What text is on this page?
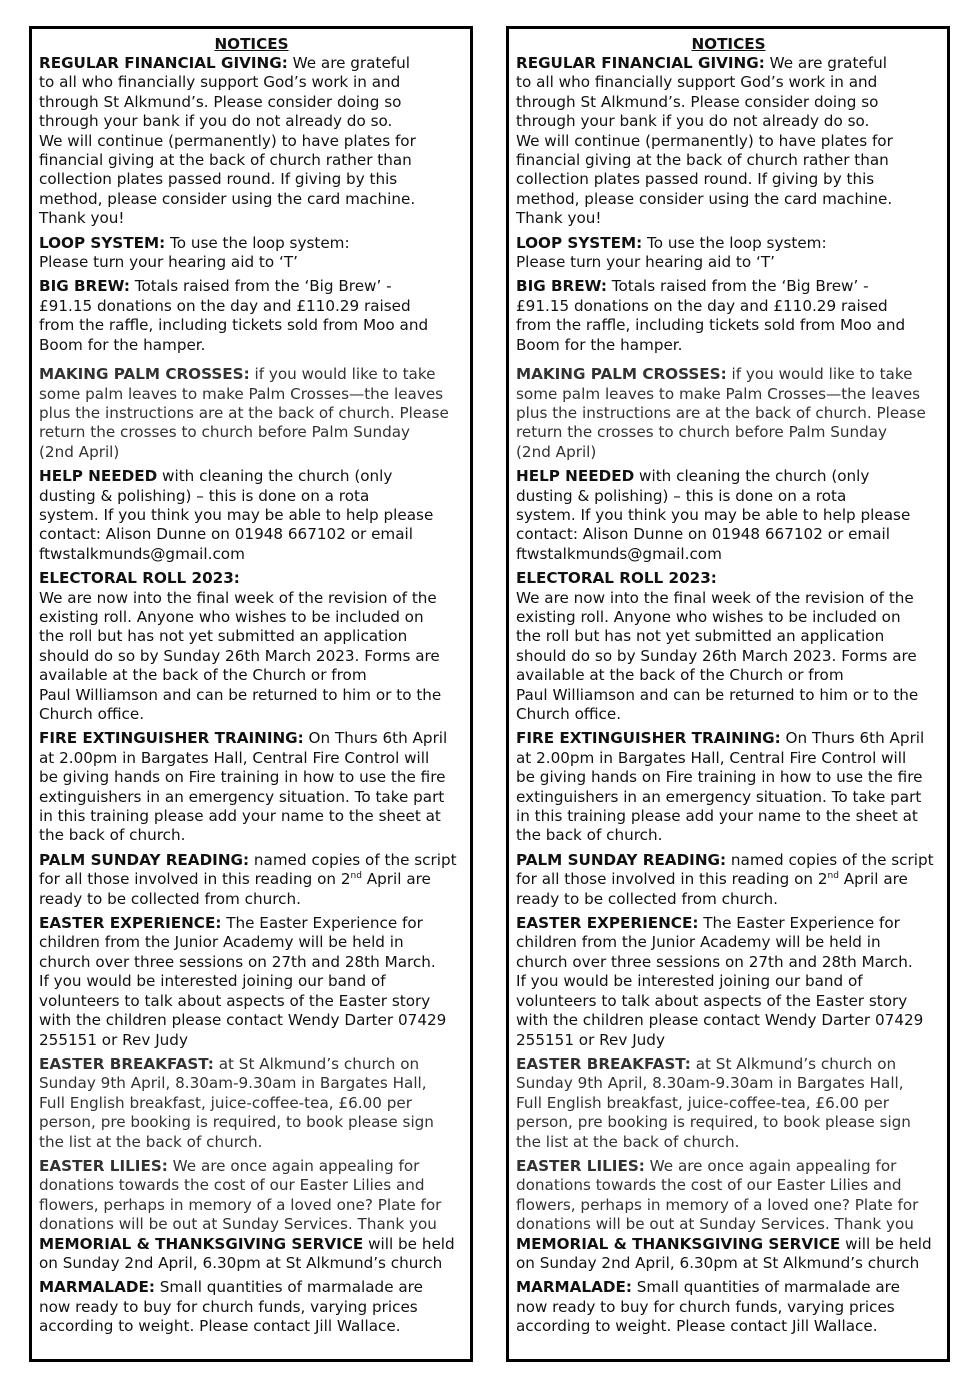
NOTICES
REGULAR FINANCIAL GIVING: We are grateful
to all who financially support God’s work in and
through St Alkmund’s. Please consider doing so
through your bank if you do not already do so.
We will continue (permanently) to have plates for
financial giving at the back of church rather than
collection plates passed round. If giving by this
method, please consider using the card machine.
Thank you!
LOOP SYSTEM: To use the loop system:
Please turn your hearing aid to ‘T’
BIG BREW: Totals raised from the ‘Big Brew’ -
£91.15 donations on the day and £110.29 raised
from the raffle, including tickets sold from Moo and
Boom for the hamper.
MAKING PALM CROSSES: if you would like to take
some palm leaves to make Palm Crosses—the leaves
plus the instructions are at the back of church. Please
return the crosses to church before Palm Sunday
(2nd April)
HELP NEEDED with cleaning the church (only
dusting & polishing) – this is done on a rota
system. If you think you may be able to help please
contact: Alison Dunne on 01948 667102 or email
ftwstalkmunds@gmail.com
ELECTORAL ROLL 2023:
We are now into the final week of the revision of the
existing roll. Anyone who wishes to be included on
the roll but has not yet submitted an application
should do so by Sunday 26th March 2023. Forms are
available at the back of the Church or from
Paul Williamson and can be returned to him or to the
Church office.
FIRE EXTINGUISHER TRAINING: On Thurs 6th April
at 2.00pm in Bargates Hall, Central Fire Control will
be giving hands on Fire training in how to use the fire
extinguishers in an emergency situation. To take part
in this training please add your name to the sheet at
the back of church.
PALM SUNDAY READING: named copies of the script
for all those involved in this reading on 2nd April are
ready to be collected from church.
EASTER EXPERIENCE: The Easter Experience for
children from the Junior Academy will be held in
church over three sessions on 27th and 28th March.
If you would be interested joining our band of
volunteers to talk about aspects of the Easter story
with the children please contact Wendy Darter 07429
255151 or Rev Judy
EASTER BREAKFAST: at St Alkmund’s church on
Sunday 9th April, 8.30am-9.30am in Bargates Hall,
Full English breakfast, juice-coffee-tea, £6.00 per
person, pre booking is required, to book please sign
the list at the back of church.
EASTER LILIES: We are once again appealing for
donations towards the cost of our Easter Lilies and
flowers, perhaps in memory of a loved one? Plate for
donations will be out at Sunday Services. Thank you
MEMORIAL & THANKSGIVING SERVICE will be held
on Sunday 2nd April, 6.30pm at St Alkmund’s church
MARMALADE: Small quantities of marmalade are
now ready to buy for church funds, varying prices
according to weight. Please contact Jill Wallace.
NOTICES
REGULAR FINANCIAL GIVING: We are grateful
to all who financially support God’s work in and
through St Alkmund’s. Please consider doing so
through your bank if you do not already do so.
We will continue (permanently) to have plates for
financial giving at the back of church rather than
collection plates passed round. If giving by this
method, please consider using the card machine.
Thank you!
LOOP SYSTEM: To use the loop system:
Please turn your hearing aid to ‘T’
BIG BREW: Totals raised from the ‘Big Brew’ -
£91.15 donations on the day and £110.29 raised
from the raffle, including tickets sold from Moo and
Boom for the hamper.
MAKING PALM CROSSES: if you would like to take
some palm leaves to make Palm Crosses—the leaves
plus the instructions are at the back of church. Please
return the crosses to church before Palm Sunday
(2nd April)
HELP NEEDED with cleaning the church (only
dusting & polishing) – this is done on a rota
system. If you think you may be able to help please
contact: Alison Dunne on 01948 667102 or email
ftwstalkmunds@gmail.com
ELECTORAL ROLL 2023:
We are now into the final week of the revision of the
existing roll. Anyone who wishes to be included on
the roll but has not yet submitted an application
should do so by Sunday 26th March 2023. Forms are
available at the back of the Church or from
Paul Williamson and can be returned to him or to the
Church office.
FIRE EXTINGUISHER TRAINING: On Thurs 6th April
at 2.00pm in Bargates Hall, Central Fire Control will
be giving hands on Fire training in how to use the fire
extinguishers in an emergency situation. To take part
in this training please add your name to the sheet at
the back of church.
PALM SUNDAY READING: named copies of the script
for all those involved in this reading on 2nd April are
ready to be collected from church.
EASTER EXPERIENCE: The Easter Experience for
children from the Junior Academy will be held in
church over three sessions on 27th and 28th March.
If you would be interested joining our band of
volunteers to talk about aspects of the Easter story
with the children please contact Wendy Darter 07429
255151 or Rev Judy
EASTER BREAKFAST: at St Alkmund’s church on
Sunday 9th April, 8.30am-9.30am in Bargates Hall,
Full English breakfast, juice-coffee-tea, £6.00 per
person, pre booking is required, to book please sign
the list at the back of church.
EASTER LILIES: We are once again appealing for
donations towards the cost of our Easter Lilies and
flowers, perhaps in memory of a loved one? Plate for
donations will be out at Sunday Services. Thank you
MEMORIAL & THANKSGIVING SERVICE will be held
on Sunday 2nd April, 6.30pm at St Alkmund’s church
MARMALADE: Small quantities of marmalade are
now ready to buy for church funds, varying prices
according to weight. Please contact Jill Wallace.
